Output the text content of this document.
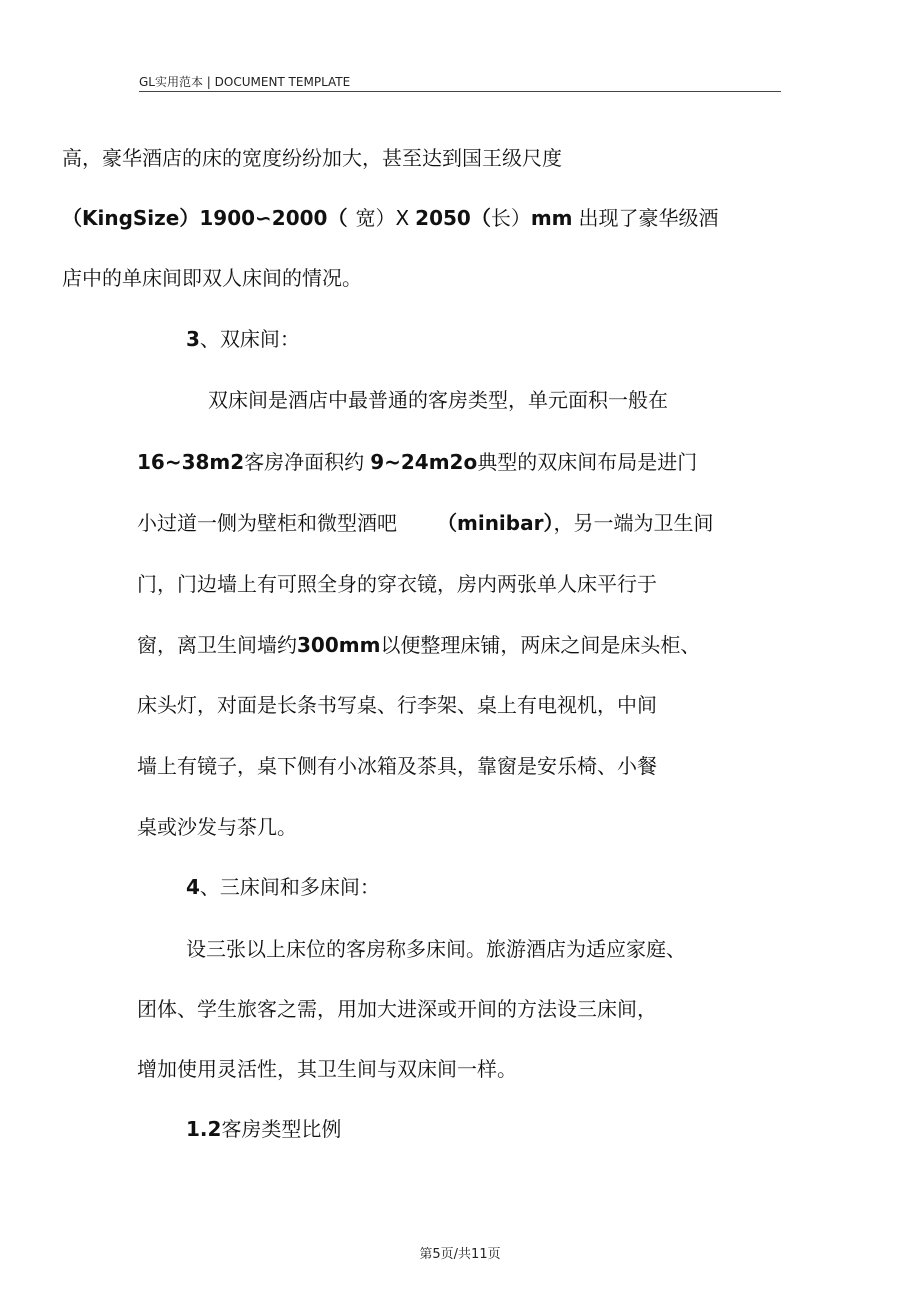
GL实用范本 | DOCUMENT TEMPLATE
高，豪华酒店的床的宽度纷纷加大，甚至达到国王级尺度
（KingSize）1900∽2000（ 宽）X 2050（长）mm 出现了豪华级酒
店中的单床间即双人床间的情况。
3、双床间：
双床间是酒店中最普通的客房类型，单元面积一般在
16~38m2客房净面积约 9~24m2o典型的双床间布局是进门
小过道一侧为壁柜和微型酒吧 （minibar），另一端为卫生间
门，门边墙上有可照全身的穿衣镜，房内两张单人床平行于
窗，离卫生间墙约300mm以便整理床铺，两床之间是床头柜、
床头灯，对面是长条书写桌、行李架、桌上有电视机，中间
墙上有镜子，桌下侧有小冰箱及茶具，靠窗是安乐椅、小餐
桌或沙发与茶几。
4、三床间和多床间：
设三张以上床位的客房称多床间。旅游酒店为适应家庭、
团体、学生旅客之需，用加大进深或开间的方法设三床间，
增加使用灵活性，其卫生间与双床间一样。
1.2客房类型比例
第5页/共11页
